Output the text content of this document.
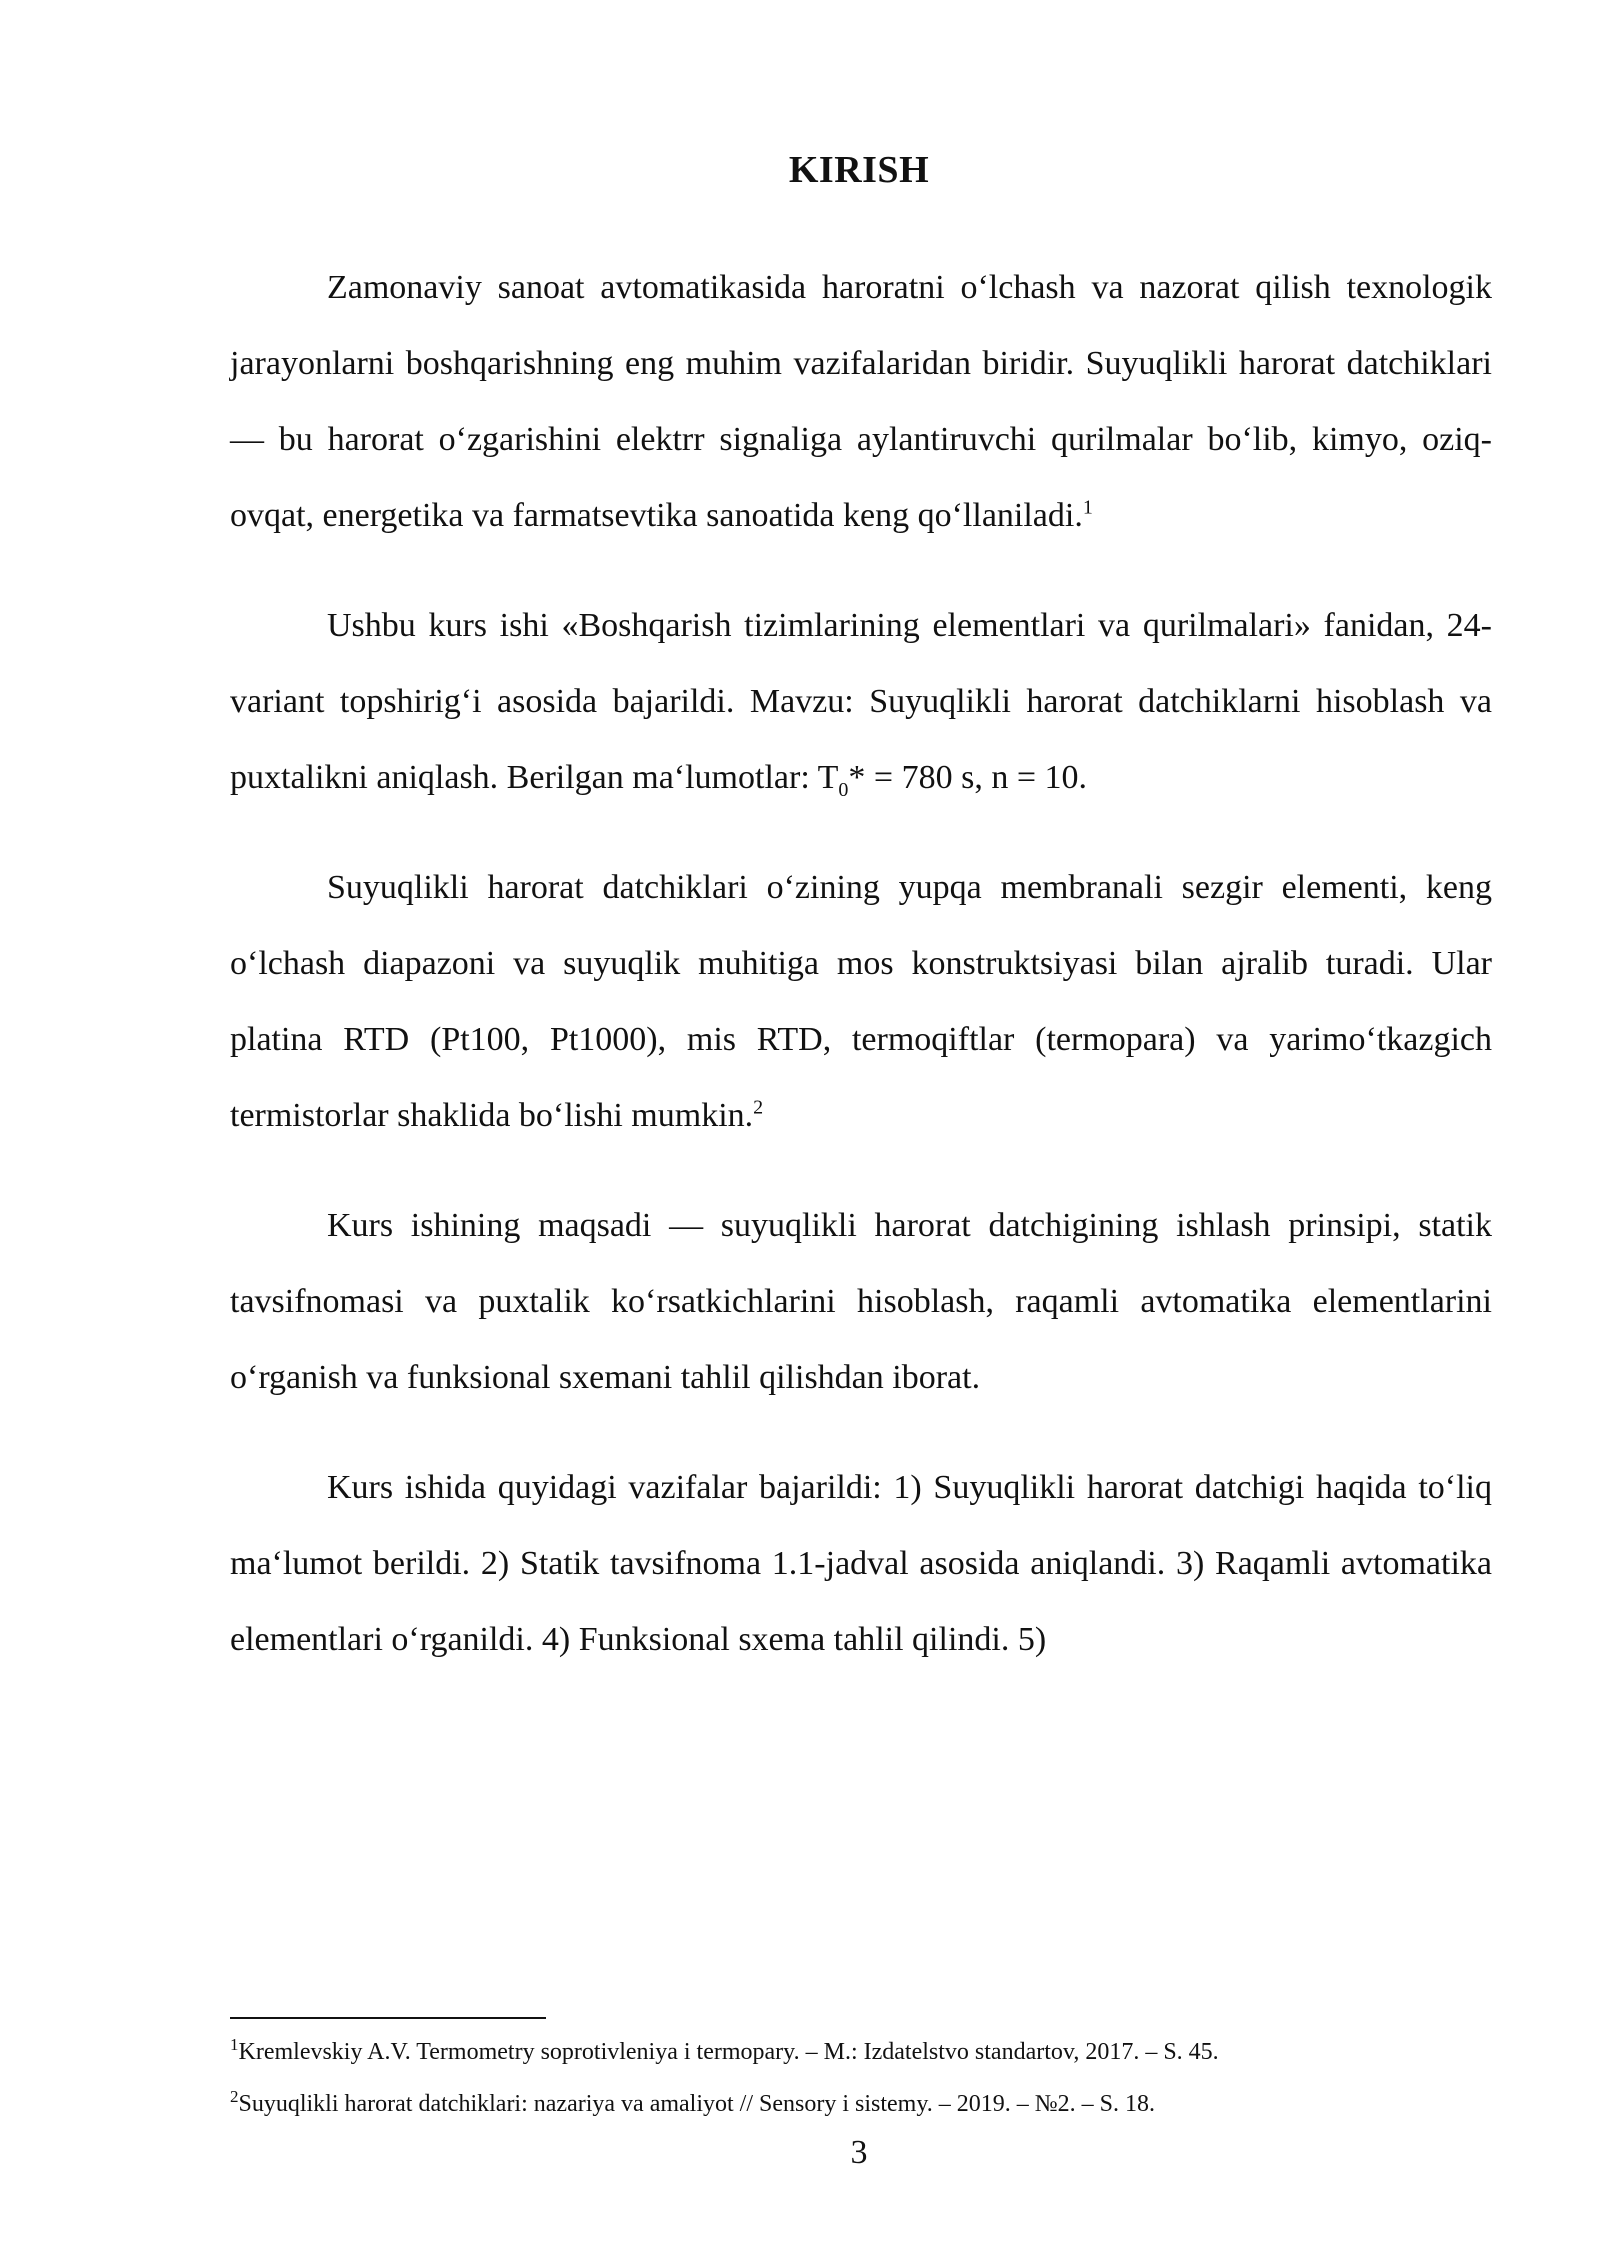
KIRISH

Zamonaviy sanoat avtomatikasida haroratni o‘lchash va nazorat qilish texnologik jarayonlarni boshqarishning eng muhim vazifalaridan biridir. Suyuqlikli harorat datchiklari — bu harorat o‘zgarishini elektrr signaliga aylantiruvchi qurilmalar bo‘lib, kimyo, oziq-ovqat, energetika va farmatsevtika sanoatida keng qo‘llaniladi.$^1$

Ushbu kurs ishi «Boshqarish tizimlarining elementlari va qurilmalari» fanidan, 24-variant topshirig‘i asosida bajarildi. Mavzu: Suyuqlikli harorat datchiklarni hisoblash va puxtalikni aniqlash. Berilgan ma‘lumotlar: $T_0* = 780$ s, n = 10.

Suyuqlikli harorat datchiklari o‘zining yupqa membranali sezgir elementi, keng o‘lchash diapazoni va suyuqlik muhitiga mos konstruktsiyasi bilan ajralib turadi. Ular platina RTD (Pt100, Pt1000), mis RTD, termoqiftlar (termopara) va yarimo‘tkazgich termistorlar shaklida bo‘lishi mumkin.$^2$

Kurs ishining maqsadi — suyuqlikli harorat datchigining ishlash prinsipi, statik tavsifnomasi va puxtalik ko‘rsatkichlarini hisoblash, raqamli avtomatika elementlarini o‘rganish va funksional sxemani tahlil qilishdan iborat.

Kurs ishida quyidagi vazifalar bajarildi: 1) Suyuqlikli harorat datchigi haqida to‘liq ma‘lumot berildi. 2) Statik tavsifnoma 1.1-jadval asosida aniqlandi. 3) Raqamli avtomatika elementlari o‘rganildi. 4) Funksional sxema tahlil qilindi. 5)

$^1$Kremlevskiy A.V. Termometry soprotivleniya i termopary. – M.: Izdatelstvo standartov, 2017. – S. 45.

$^2$Suyuqlikli harorat datchiklari: nazariya va amaliyot // Sensory i sistemy. – 2019. – №2. – S. 18.

3
